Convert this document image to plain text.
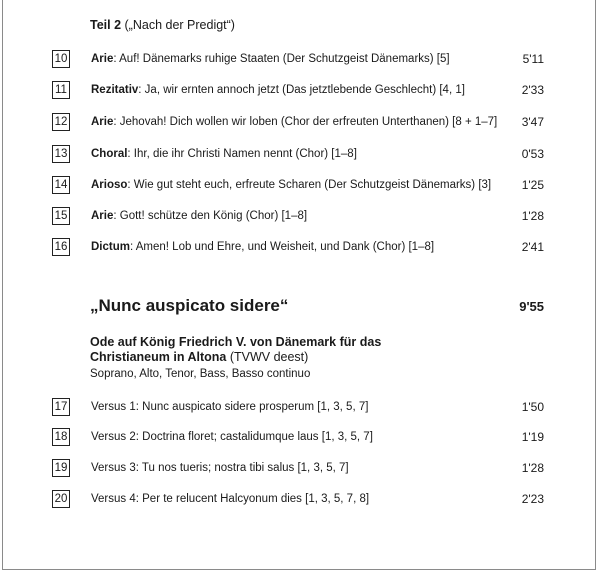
Teil 2 („Nach der Predigt“)
10 Arie: Auf! Dänemarks ruhige Staaten (Der Schutzgeist Dänemarks) [5]	5'11
11 Rezitativ: Ja, wir ernten annoch jetzt (Das jetztlebende Geschlecht) [4, 1]	2'33
12 Arie: Jehovah! Dich wollen wir loben (Chor der erfreuten Unterthanen) [8 + 1–7] 3'47
13 Choral: Ihr, die ihr Christi Namen nennt (Chor) [1–8]	0'53
14 Arioso: Wie gut steht euch, erfreute Scharen (Der Schutzgeist Dänemarks) [3]	1'25
15 Arie: Gott! schütze den König (Chor) [1–8]	1'28
16 Dictum: Amen! Lob und Ehre, und Weisheit, und Dank (Chor) [1–8]	2'41
„Nunc auspicato sidere“	9'55
Ode auf König Friedrich V. von Dänemark für das
Christianeum in Altona (TVWV deest)
Soprano, Alto, Tenor, Bass, Basso continuo
17 Versus 1: Nunc auspicato sidere prosperum [1, 3, 5, 7]	1'50
18 Versus 2: Doctrina floret; castalidumque laus [1, 3, 5, 7]	1'19
19 Versus 3: Tu nos tueris; nostra tibi salus [1, 3, 5, 7]	1'28
20 Versus 4: Per te relucent Halcyonum dies [1, 3, 5, 7, 8]	2'23
